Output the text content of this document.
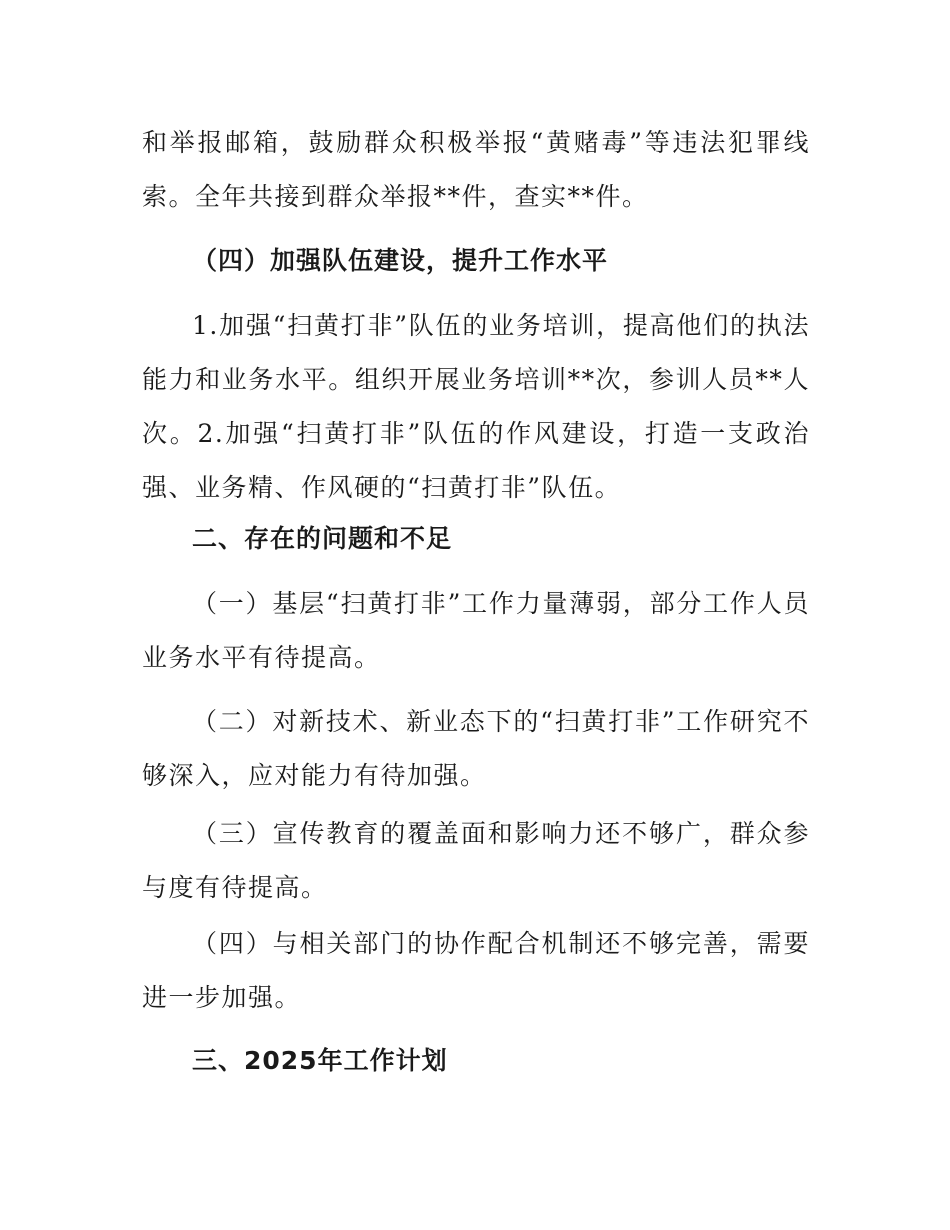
和举报邮箱，鼓励群众积极举报“黄赌毒”等违法犯罪线索。全年共接到群众举报**件，查实**件。

（四）加强队伍建设，提升工作水平

1.加强“扫黄打非”队伍的业务培训，提高他们的执法能力和业务水平。组织开展业务培训**次，参训人员**人次。2.加强“扫黄打非”队伍的作风建设，打造一支政治强、业务精、作风硬的“扫黄打非”队伍。

二、存在的问题和不足

（一）基层“扫黄打非”工作力量薄弱，部分工作人员业务水平有待提高。

（二）对新技术、新业态下的“扫黄打非”工作研究不够深入，应对能力有待加强。

（三）宣传教育的覆盖面和影响力还不够广，群众参与度有待提高。

（四）与相关部门的协作配合机制还不够完善，需要进一步加强。

三、2025年工作计划
